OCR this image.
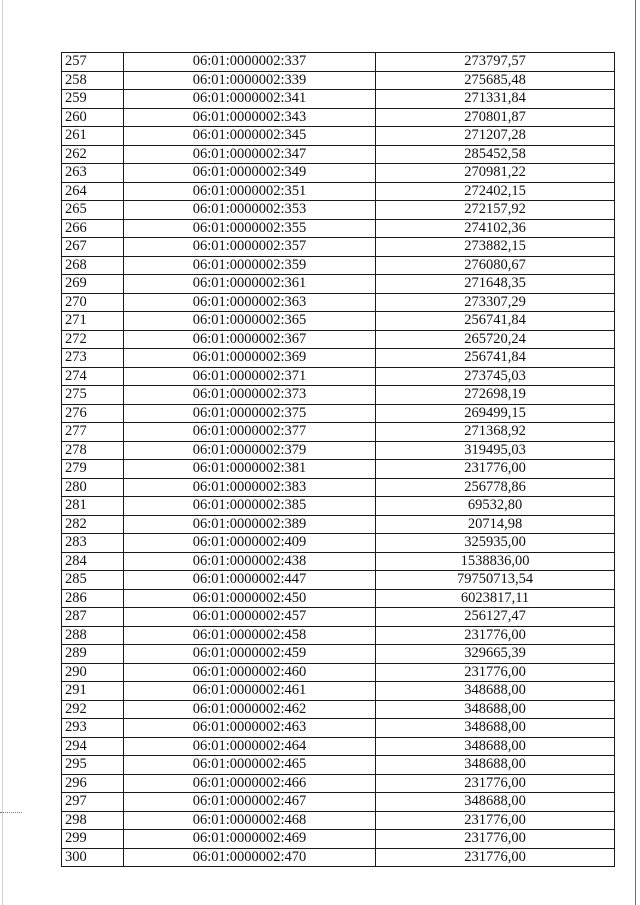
257	06:01:0000002:337	273797,57
258	06:01:0000002:339	275685,48
259	06:01:0000002:341	271331,84
260	06:01:0000002:343	270801,87
261	06:01:0000002:345	271207,28
262	06:01:0000002:347	285452,58
263	06:01:0000002:349	270981,22
264	06:01:0000002:351	272402,15
265	06:01:0000002:353	272157,92
266	06:01:0000002:355	274102,36
267	06:01:0000002:357	273882,15
268	06:01:0000002:359	276080,67
269	06:01:0000002:361	271648,35
270	06:01:0000002:363	273307,29
271	06:01:0000002:365	256741,84
272	06:01:0000002:367	265720,24
273	06:01:0000002:369	256741,84
274	06:01:0000002:371	273745,03
275	06:01:0000002:373	272698,19
276	06:01:0000002:375	269499,15
277	06:01:0000002:377	271368,92
278	06:01:0000002:379	319495,03
279	06:01:0000002:381	231776,00
280	06:01:0000002:383	256778,86
281	06:01:0000002:385	69532,80
282	06:01:0000002:389	20714,98
283	06:01:0000002:409	325935,00
284	06:01:0000002:438	1538836,00
285	06:01:0000002:447	79750713,54
286	06:01:0000002:450	6023817,11
287	06:01:0000002:457	256127,47
288	06:01:0000002:458	231776,00
289	06:01:0000002:459	329665,39
290	06:01:0000002:460	231776,00
291	06:01:0000002:461	348688,00
292	06:01:0000002:462	348688,00
293	06:01:0000002:463	348688,00
294	06:01:0000002:464	348688,00
295	06:01:0000002:465	348688,00
296	06:01:0000002:466	231776,00
297	06:01:0000002:467	348688,00
298	06:01:0000002:468	231776,00
299	06:01:0000002:469	231776,00
300	06:01:0000002:470	231776,00
